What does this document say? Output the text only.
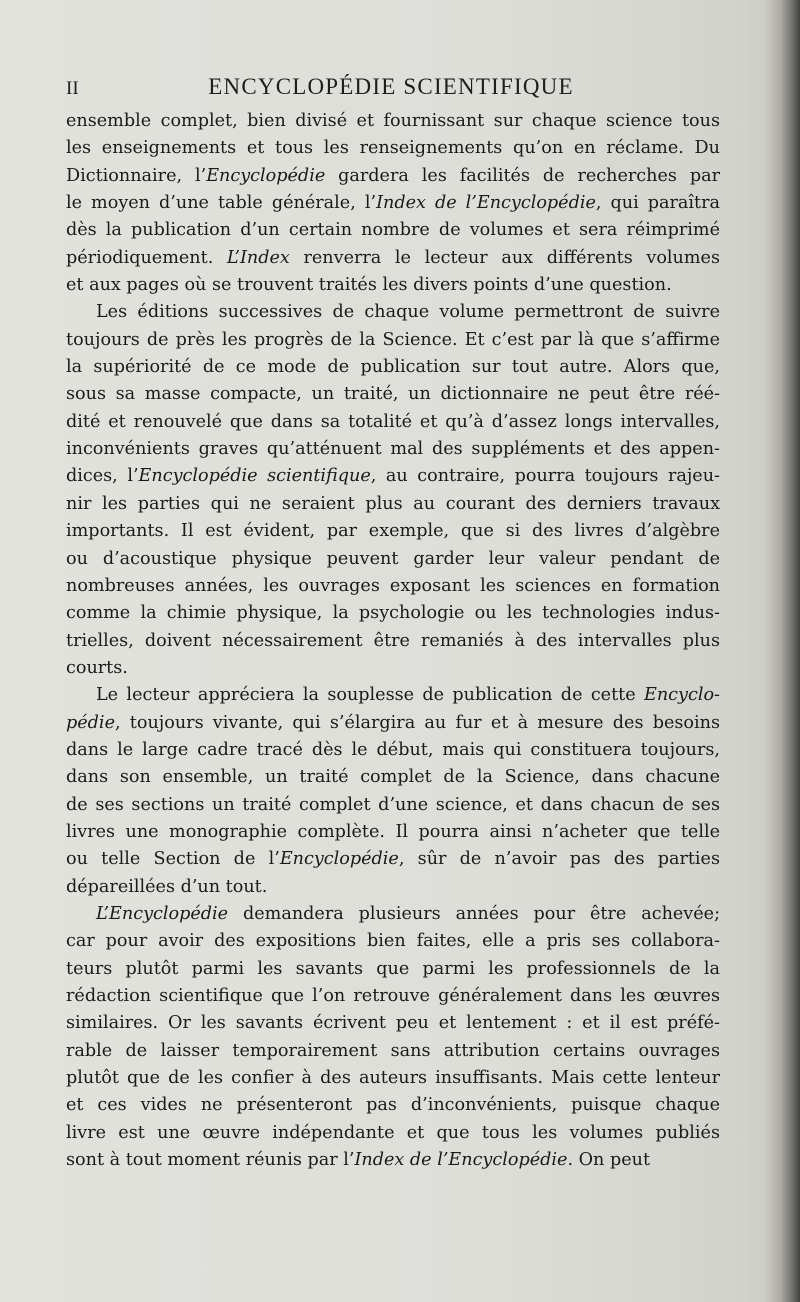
II	ENCYCLOPÉDIE SCIENTIFIQUE

ensemble complet, bien divisé et fournissant sur chaque science tous
les enseignements et tous les renseignements qu’on en réclame. Du
Dictionnaire, l’Encyclopédie gardera les facilités de recherches par
le moyen d’une table générale, l’Index de l’Encyclopédie, qui paraîtra
dès la publication d’un certain nombre de volumes et sera réimprimé
périodiquement. L’Index renverra le lecteur aux différents volumes
et aux pages où se trouvent traités les divers points d’une question.

Les éditions successives de chaque volume permettront de suivre
toujours de près les progrès de la Science. Et c’est par là que s’affirme
la supériorité de ce mode de publication sur tout autre. Alors que,
sous sa masse compacte, un traité, un dictionnaire ne peut être réé-
dité et renouvelé que dans sa totalité et qu’à d’assez longs intervalles,
inconvénients graves qu’atténuent mal des suppléments et des appen-
dices, l’Encyclopédie scientifique, au contraire, pourra toujours rajeu-
nir les parties qui ne seraient plus au courant des derniers travaux
importants. Il est évident, par exemple, que si des livres d’algèbre
ou d’acoustique physique peuvent garder leur valeur pendant de
nombreuses années, les ouvrages exposant les sciences en formation
comme la chimie physique, la psychologie ou les technologies indus-
trielles, doivent nécessairement être remaniés à des intervalles plus
courts.

Le lecteur appréciera la souplesse de publication de cette Encyclo-
pédie, toujours vivante, qui s’élargira au fur et à mesure des besoins
dans le large cadre tracé dès le début, mais qui constituera toujours,
dans son ensemble, un traité complet de la Science, dans chacune
de ses sections un traité complet d’une science, et dans chacun de ses
livres une monographie complète. Il pourra ainsi n’acheter que telle
ou telle Section de l’Encyclopédie, sûr de n’avoir pas des parties
dépareillées d’un tout.

L’Encyclopédie demandera plusieurs années pour être achevée;
car pour avoir des expositions bien faites, elle a pris ses collabora-
teurs plutôt parmi les savants que parmi les professionnels de la
rédaction scientifique que l’on retrouve généralement dans les œuvres
similaires. Or les savants écrivent peu et lentement : et il est préfé-
rable de laisser temporairement sans attribution certains ouvrages
plutôt que de les confier à des auteurs insuffisants. Mais cette lenteur
et ces vides ne présenteront pas d’inconvénients, puisque chaque
livre est une œuvre indépendante et que tous les volumes publiés
sont à tout moment réunis par l’Index de l’Encyclopédie. On peut
